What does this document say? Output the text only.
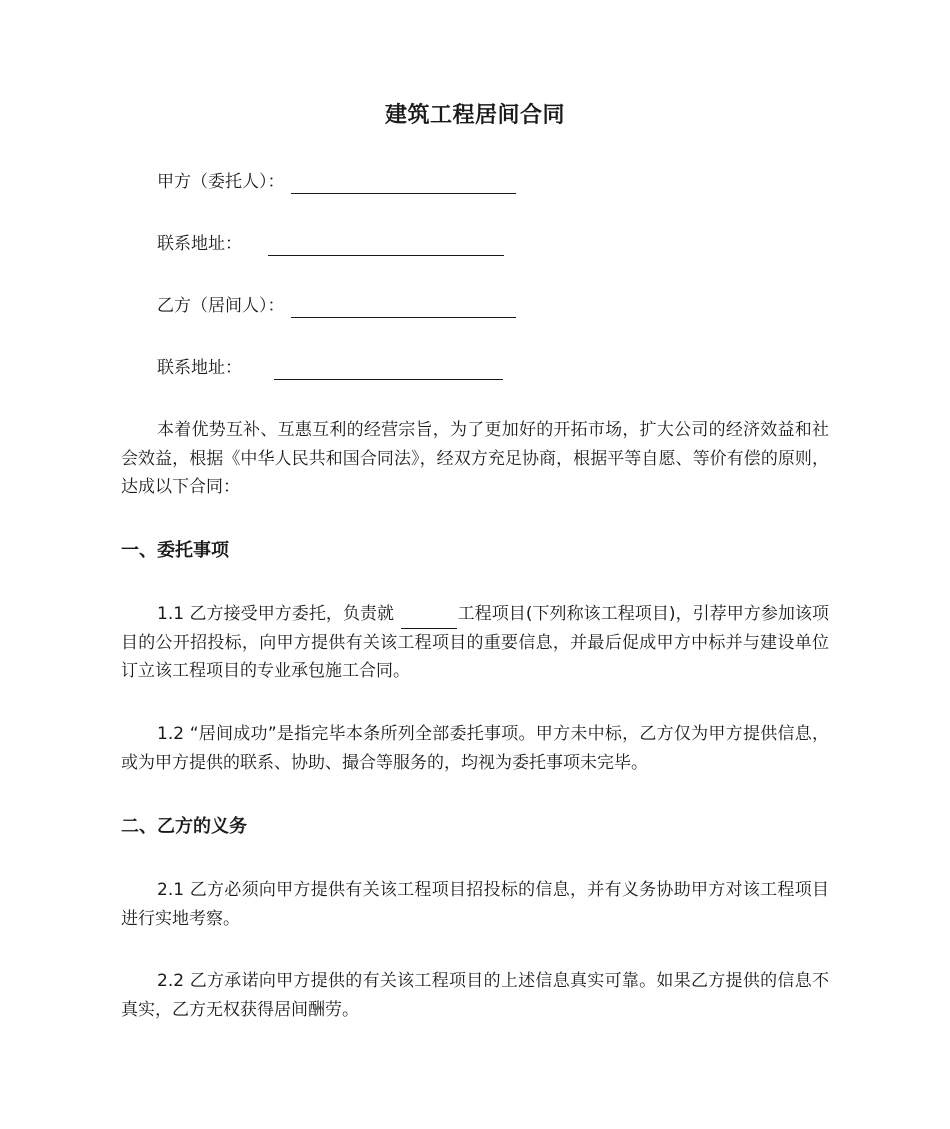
建筑工程居间合同
甲方（委托人）：
联系地址：
乙方（居间人）：
联系地址：

本着优势互补、互惠互利的经营宗旨，为了更加好的开拓市场，扩大公司的经济效益和社会效益，根据《中华人民共和国合同法》，经双方充足协商，根据平等自愿、等价有偿的原则，达成以下合同：

一、委托事项

1.1 乙方接受甲方委托，负责就	工程项目(下列称该工程项目)，引荐甲方参加该项目的公开招投标，向甲方提供有关该工程项目的重要信息，并最后促成甲方中标并与建设单位订立该工程项目的专业承包施工合同。

1.2 “居间成功”是指完毕本条所列全部委托事项。甲方未中标，乙方仅为甲方提供信息，或为甲方提供的联系、协助、撮合等服务的，均视为委托事项未完毕。

二、乙方的义务

2.1 乙方必须向甲方提供有关该工程项目招投标的信息，并有义务协助甲方对该工程项目进行实地考察。

2.2 乙方承诺向甲方提供的有关该工程项目的上述信息真实可靠。如果乙方提供的信息不真实，乙方无权获得居间酬劳。
